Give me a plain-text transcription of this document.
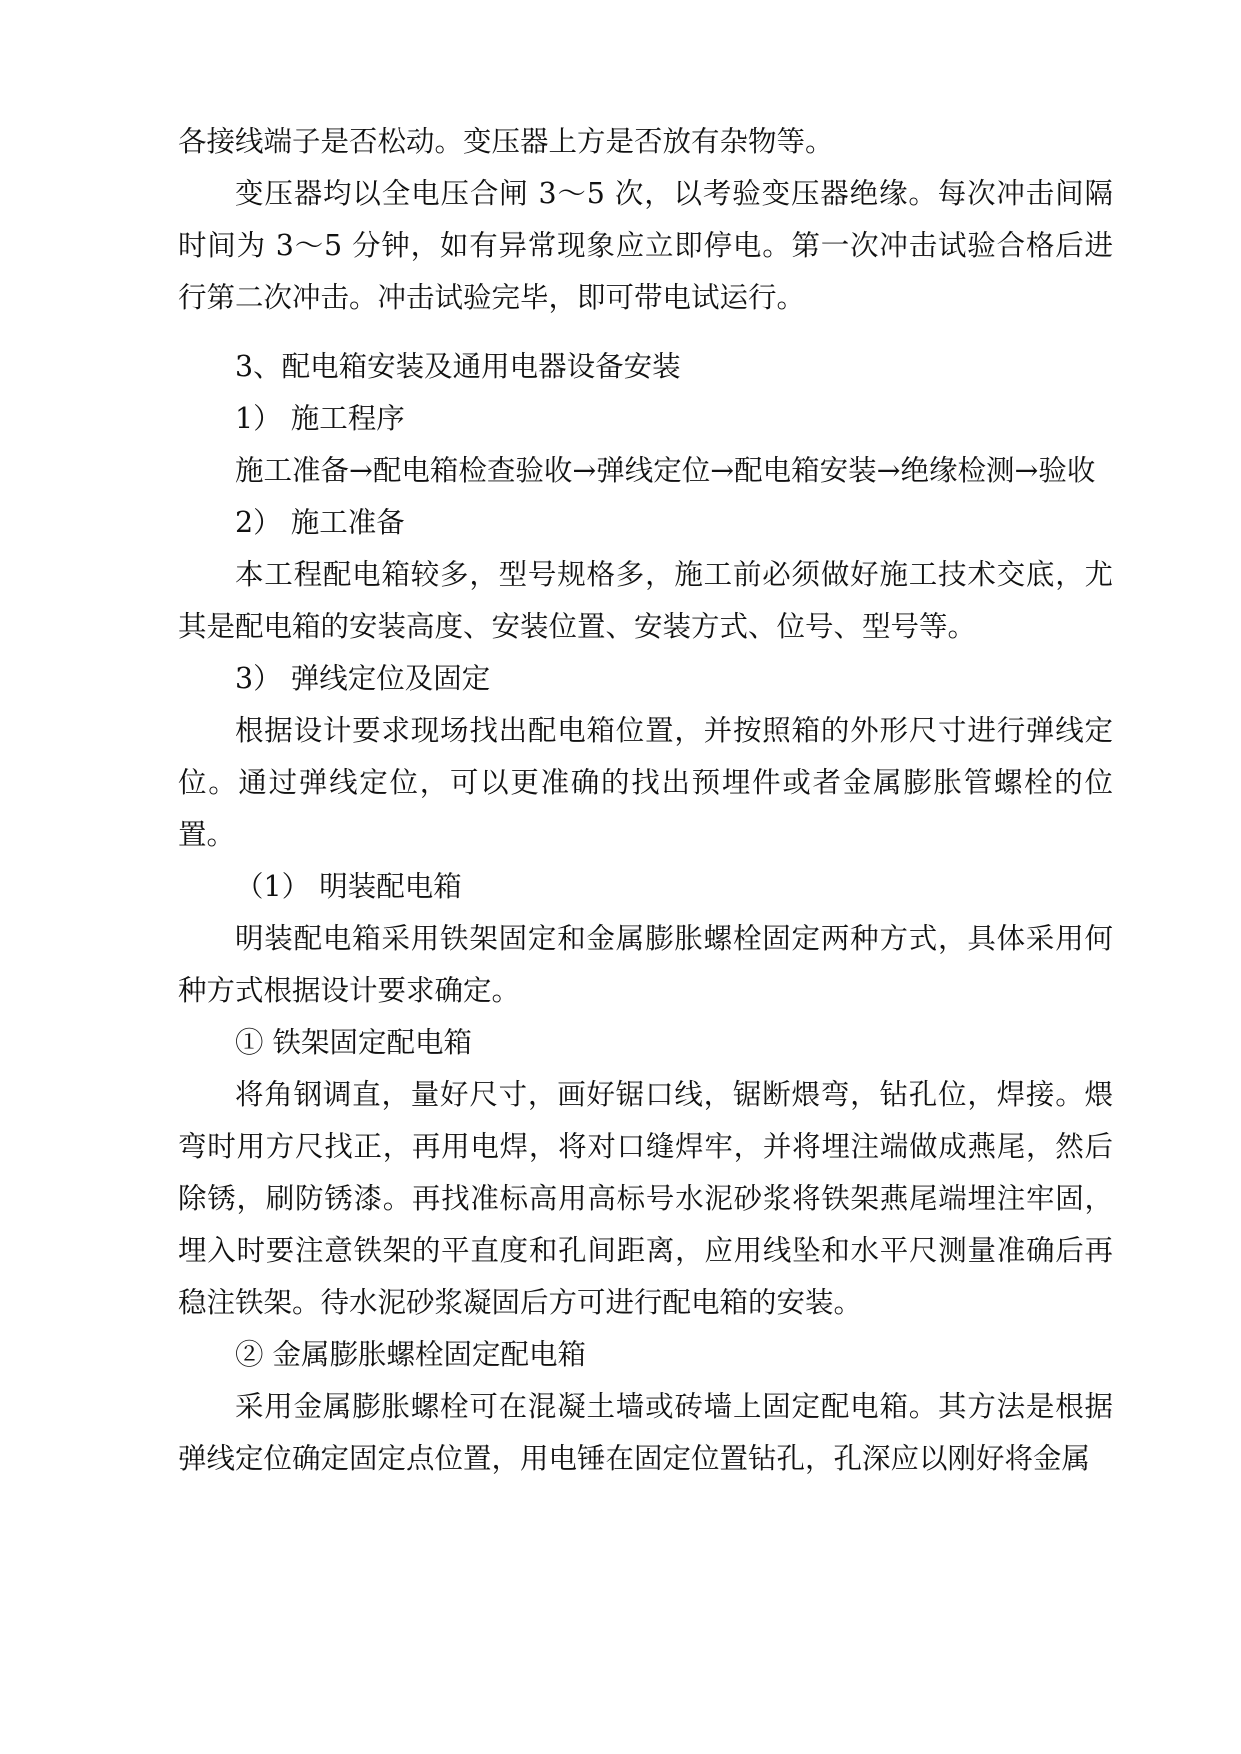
各接线端子是否松动。变压器上方是否放有杂物等。

变压器均以全电压合闸 3～5 次，以考验变压器绝缘。每次冲击间隔时间为 3～5 分钟，如有异常现象应立即停电。第一次冲击试验合格后进行第二次冲击。冲击试验完毕，即可带电试运行。

3、配电箱安装及通用电器设备安装

1） 施工程序

施工准备→配电箱检查验收→弹线定位→配电箱安装→绝缘检测→验收

2） 施工准备

本工程配电箱较多，型号规格多，施工前必须做好施工技术交底，尤其是配电箱的安装高度、安装位置、安装方式、位号、型号等。

3） 弹线定位及固定

根据设计要求现场找出配电箱位置，并按照箱的外形尺寸进行弹线定位。通过弹线定位，可以更准确的找出预埋件或者金属膨胀管螺栓的位置。

（1） 明装配电箱

明装配电箱采用铁架固定和金属膨胀螺栓固定两种方式，具体采用何种方式根据设计要求确定。

① 铁架固定配电箱

将角钢调直，量好尺寸，画好锯口线，锯断煨弯，钻孔位，焊接。煨弯时用方尺找正，再用电焊，将对口缝焊牢，并将埋注端做成燕尾，然后除锈，刷防锈漆。再找准标高用高标号水泥砂浆将铁架燕尾端埋注牢固，埋入时要注意铁架的平直度和孔间距离，应用线坠和水平尺测量准确后再稳注铁架。待水泥砂浆凝固后方可进行配电箱的安装。

② 金属膨胀螺栓固定配电箱

采用金属膨胀螺栓可在混凝土墙或砖墙上固定配电箱。其方法是根据弹线定位确定固定点位置，用电锤在固定位置钻孔，孔深应以刚好将金属
